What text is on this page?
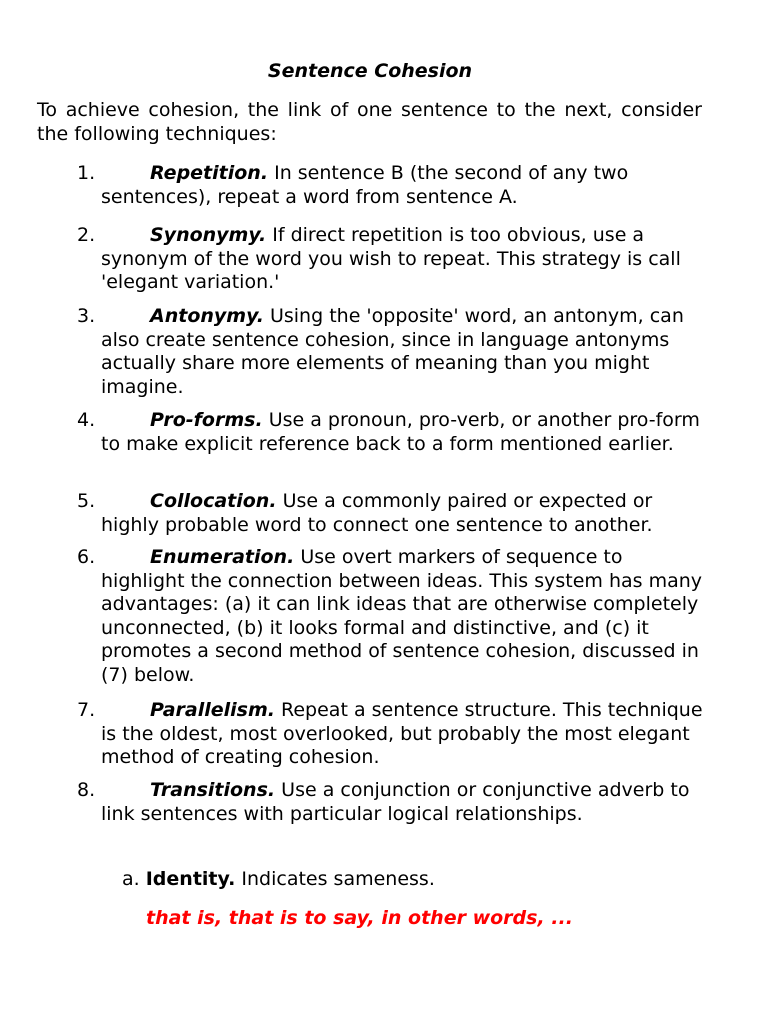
Sentence Cohesion
To achieve cohesion, the link of one sentence to the next, consider the following techniques:
1.	Repetition. In sentence B (the second of any two sentences), repeat a word from sentence A.
2.	Synonymy. If direct repetition is too obvious, use a synonym of the word you wish to repeat. This strategy is call 'elegant variation.'
3.	Antonymy. Using the 'opposite' word, an antonym, can also create sentence cohesion, since in language antonyms actually share more elements of meaning than you might imagine.
4.	Pro-forms. Use a pronoun, pro-verb, or another pro-form to make explicit reference back to a form mentioned earlier.
5.	Collocation. Use a commonly paired or expected or highly probable word to connect one sentence to another.
6.	Enumeration. Use overt markers of sequence to highlight the connection between ideas. This system has many advantages: (a) it can link ideas that are otherwise completely unconnected, (b) it looks formal and distinctive, and (c) it promotes a second method of sentence cohesion, discussed in (7) below.
7.	Parallelism. Repeat a sentence structure. This technique is the oldest, most overlooked, but probably the most elegant method of creating cohesion.
8.	Transitions. Use a conjunction or conjunctive adverb to link sentences with particular logical relationships.
a. Identity. Indicates sameness.
that is, that is to say, in other words, ...
